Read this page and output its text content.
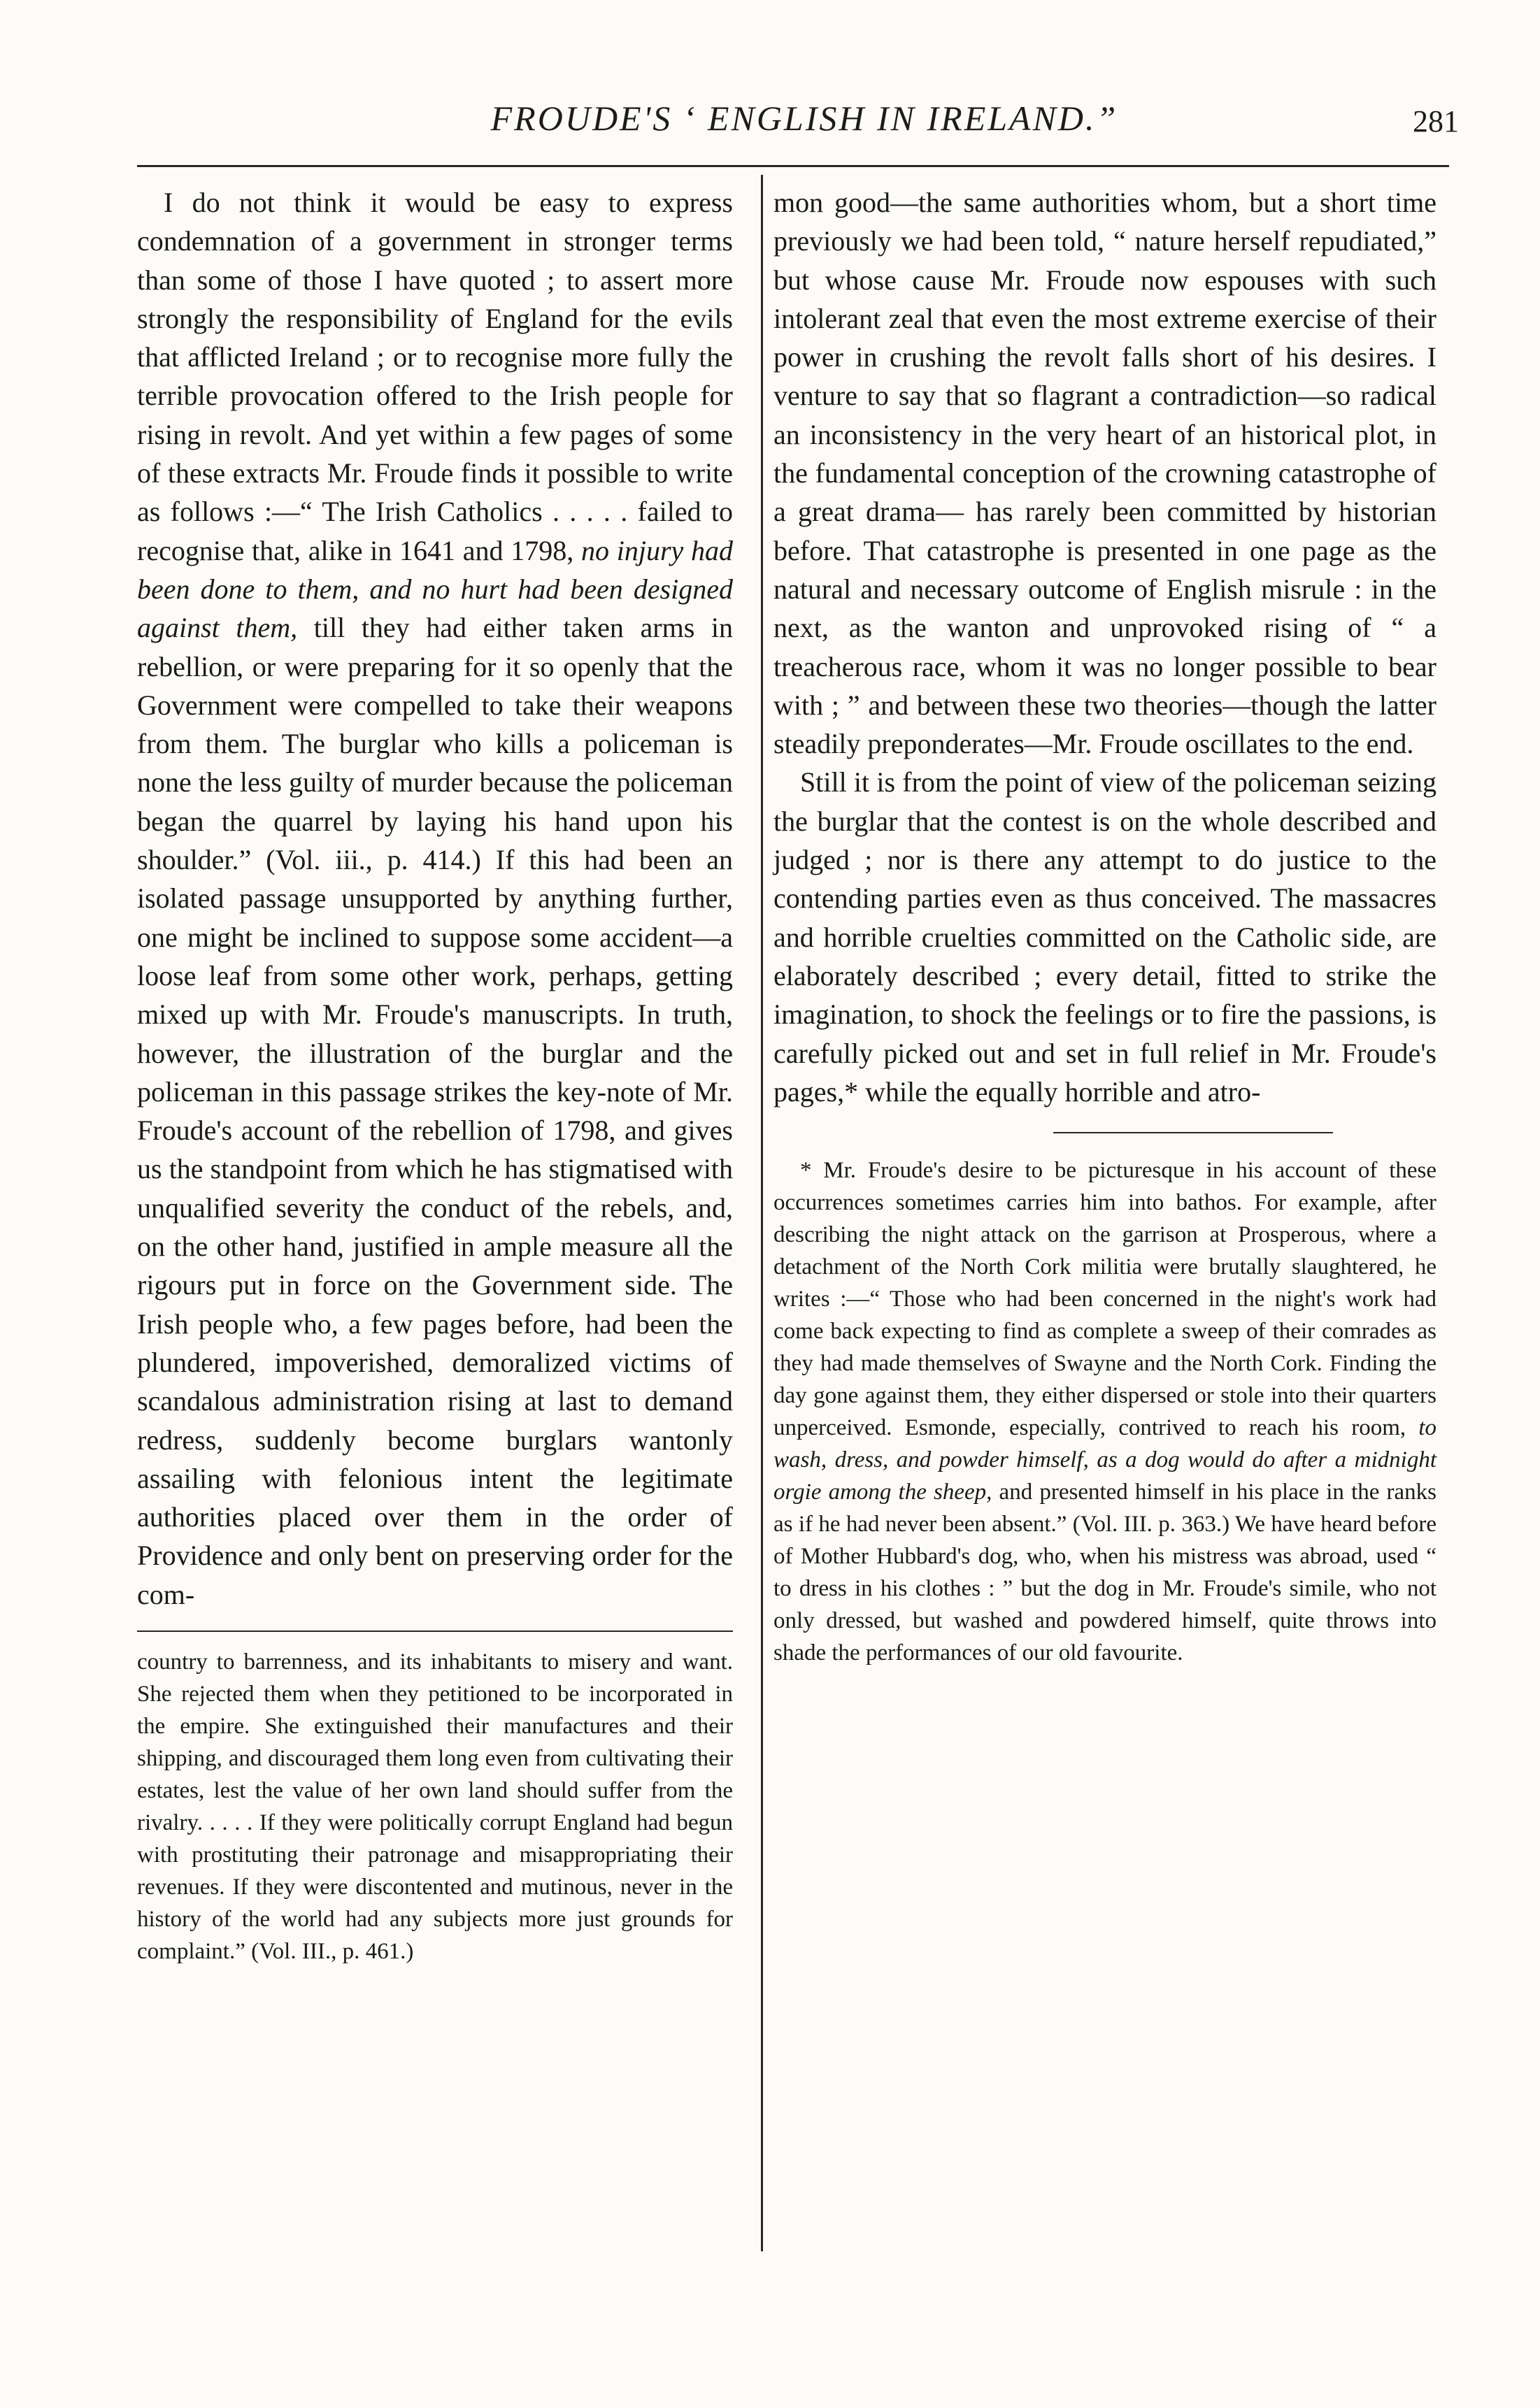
FROUDE'S ‘ ENGLISH IN IRELAND.”	281

I do not think it would be easy to express condemnation of a government in stronger terms than some of those I have quoted ; to assert more strongly the responsibility of England for the evils that afflicted Ireland ; or to recognise more fully the terrible provocation offered to the Irish people for rising in revolt. And yet within a few pages of some of these extracts Mr. Froude finds it possible to write as follows :—“ The Irish Catholics . . . . . failed to recognise that, alike in 1641 and 1798, no injury had been done to them, and no hurt had been designed against them, till they had either taken arms in rebellion, or were preparing for it so openly that the Government were compelled to take their weapons from them. The burglar who kills a policeman is none the less guilty of murder because the policeman began the quarrel by laying his hand upon his shoulder.” (Vol. iii., p. 414.) If this had been an isolated passage unsupported by anything further, one might be inclined to suppose some accident—a loose leaf from some other work, perhaps, getting mixed up with Mr. Froude's manuscripts. In truth, however, the illustration of the burglar and the policeman in this passage strikes the key-note of Mr. Froude's account of the rebellion of 1798, and gives us the standpoint from which he has stigmatised with unqualified severity the conduct of the rebels, and, on the other hand, justified in ample measure all the rigours put in force on the Government side. The Irish people who, a few pages before, had been the plundered, impoverished, demoralized victims of scandalous administration rising at last to demand redress, suddenly become burglars wantonly assailing with felonious intent the legitimate authorities placed over them in the order of Providence and only bent on preserving order for the com-

country to barrenness, and its inhabitants to misery and want. She rejected them when they petitioned to be incorporated in the empire. She extinguished their manufactures and their shipping, and discouraged them long even from cultivating their estates, lest the value of her own land should suffer from the rivalry. . . . . If they were politically corrupt England had begun with prostituting their patronage and misappropriating their revenues. If they were discontented and mutinous, never in the history of the world had any subjects more just grounds for complaint.” (Vol. III., p. 461.)

mon good—the same authorities whom, but a short time previously we had been told, “ nature herself repudiated,” but whose cause Mr. Froude now espouses with such intolerant zeal that even the most extreme exercise of their power in crushing the revolt falls short of his desires. I venture to say that so flagrant a contradiction—so radical an inconsistency in the very heart of an historical plot, in the fundamental conception of the crowning catastrophe of a great drama— has rarely been committed by historian before. That catastrophe is presented in one page as the natural and necessary outcome of English misrule : in the next, as the wanton and unprovoked rising of “ a treacherous race, whom it was no longer possible to bear with ; ” and between these two theories—though the latter steadily preponderates—Mr. Froude oscillates to the end.

Still it is from the point of view of the policeman seizing the burglar that the contest is on the whole described and judged ; nor is there any attempt to do justice to the contending parties even as thus conceived. The massacres and horrible cruelties committed on the Catholic side, are elaborately described ; every detail, fitted to strike the imagination, to shock the feelings or to fire the passions, is carefully picked out and set in full relief in Mr. Froude's pages,* while the equally horrible and atro-

* Mr. Froude's desire to be picturesque in his account of these occurrences sometimes carries him into bathos. For example, after describing the night attack on the garrison at Prosperous, where a detachment of the North Cork militia were brutally slaughtered, he writes :—“ Those who had been concerned in the night's work had come back expecting to find as complete a sweep of their comrades as they had made themselves of Swayne and the North Cork. Finding the day gone against them, they either dispersed or stole into their quarters unperceived. Esmonde, especially, contrived to reach his room, to wash, dress, and powder himself, as a dog would do after a midnight orgie among the sheep, and presented himself in his place in the ranks as if he had never been absent.” (Vol. III. p. 363.) We have heard before of Mother Hubbard's dog, who, when his mistress was abroad, used “ to dress in his clothes : ” but the dog in Mr. Froude's simile, who not only dressed, but washed and powdered himself, quite throws into shade the performances of our old favourite.
